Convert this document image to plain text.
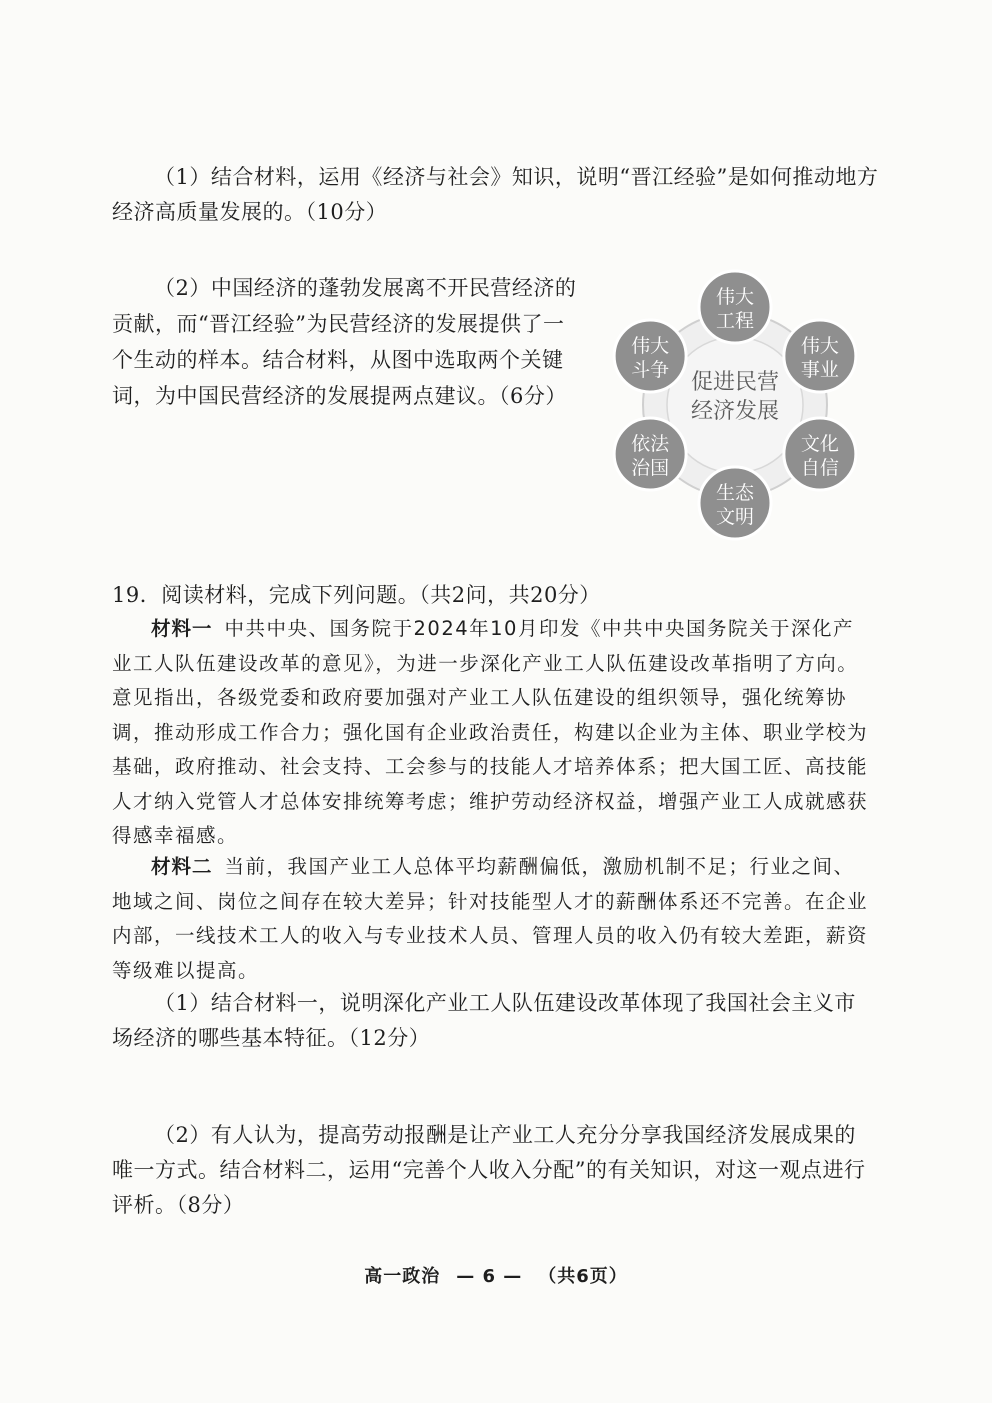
（1）结合材料，运用《经济与社会》知识，说明“晋江经验”是如何推动地方经济高质量发展的。（10分）

（2）中国经济的蓬勃发展离不开民营经济的贡献，而“晋江经验”为民营经济的发展提供了一个生动的样本。结合材料，从图中选取两个关键词，为中国民营经济的发展提两点建议。（6分）

促进民营
经济发展
伟大
工程
伟大
事业
文化
自信
生态
文明
依法
治国
伟大
斗争

19．阅读材料，完成下列问题。（共2问，共20分）

材料一 中共中央、国务院于2024年10月印发《中共中央国务院关于深化产业工人队伍建设改革的意见》，为进一步深化产业工人队伍建设改革指明了方向。意见指出，各级党委和政府要加强对产业工人队伍建设的组织领导，强化统筹协调，推动形成工作合力；强化国有企业政治责任，构建以企业为主体、职业学校为基础，政府推动、社会支持、工会参与的技能人才培养体系；把大国工匠、高技能人才纳入党管人才总体安排统筹考虑；维护劳动经济权益，增强产业工人成就感获得感幸福感。

材料二 当前，我国产业工人总体平均薪酬偏低，激励机制不足；行业之间、地域之间、岗位之间存在较大差异；针对技能型人才的薪酬体系还不完善。在企业内部，一线技术工人的收入与专业技术人员、管理人员的收入仍有较大差距，薪资等级难以提高。

（1）结合材料一，说明深化产业工人队伍建设改革体现了我国社会主义市场经济的哪些基本特征。（12分）

（2）有人认为，提高劳动报酬是让产业工人充分分享我国经济发展成果的唯一方式。结合材料二，运用“完善个人收入分配”的有关知识，对这一观点进行评析。（8分）

高一政治 — 6 — （共6页）
